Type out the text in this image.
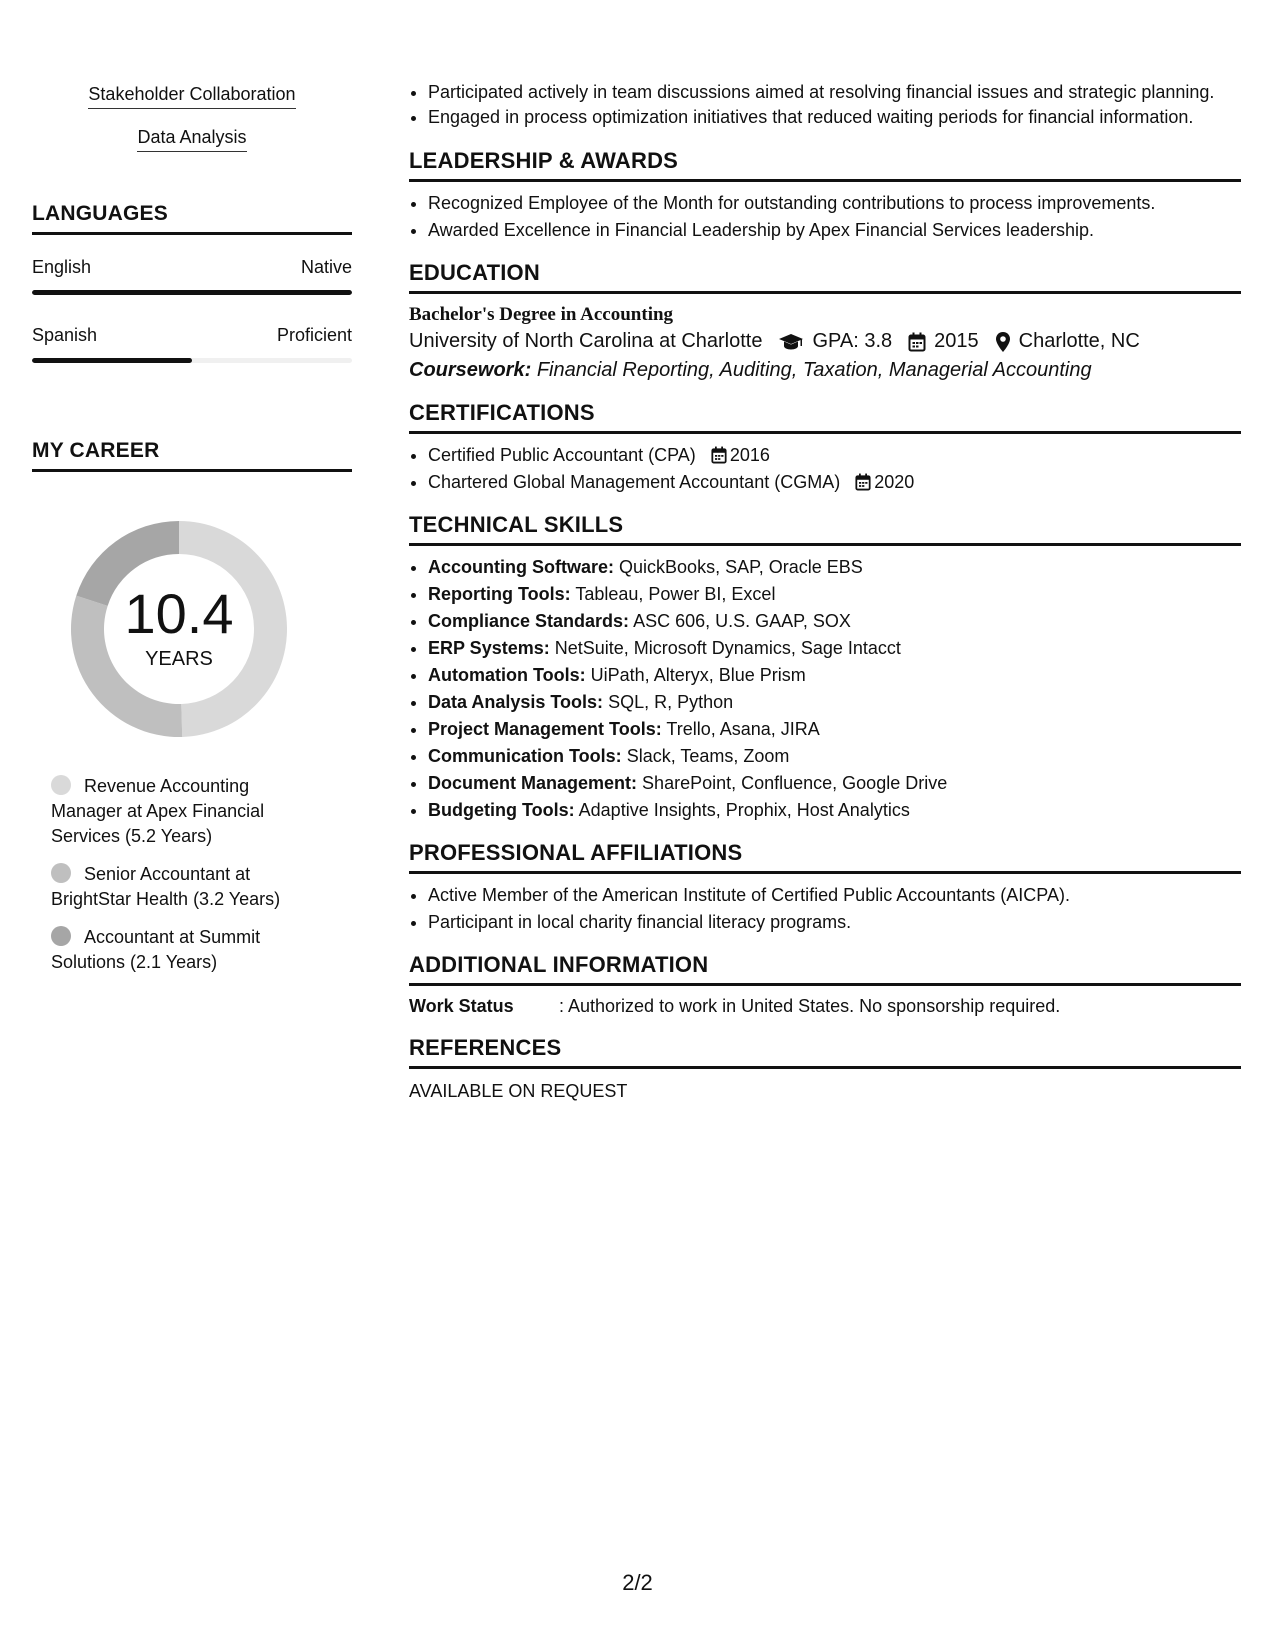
Stakeholder Collaboration
Data Analysis
LANGUAGES
English	Native
Spanish	Proficient
MY CAREER
10.4
YEARS
Revenue Accounting Manager at Apex Financial Services (5.2 Years)
Senior Accountant at BrightStar Health (3.2 Years)
Accountant at Summit Solutions (2.1 Years)
• Participated actively in team discussions aimed at resolving financial issues and strategic planning.
• Engaged in process optimization initiatives that reduced waiting periods for financial information.
LEADERSHIP & AWARDS
• Recognized Employee of the Month for outstanding contributions to process improvements.
• Awarded Excellence in Financial Leadership by Apex Financial Services leadership.
EDUCATION
Bachelor's Degree in Accounting
University of North Carolina at Charlotte	GPA: 3.8 2015 Charlotte, NC
Coursework: Financial Reporting, Auditing, Taxation, Managerial Accounting
CERTIFICATIONS
• Certified Public Accountant (CPA) 2016
• Chartered Global Management Accountant (CGMA) 2020
TECHNICAL SKILLS
• Accounting Software: QuickBooks, SAP, Oracle EBS
• Reporting Tools: Tableau, Power BI, Excel
• Compliance Standards: ASC 606, U.S. GAAP, SOX
• ERP Systems: NetSuite, Microsoft Dynamics, Sage Intacct
• Automation Tools: UiPath, Alteryx, Blue Prism
• Data Analysis Tools: SQL, R, Python
• Project Management Tools: Trello, Asana, JIRA
• Communication Tools: Slack, Teams, Zoom
• Document Management: SharePoint, Confluence, Google Drive
• Budgeting Tools: Adaptive Insights, Prophix, Host Analytics
PROFESSIONAL AFFILIATIONS
• Active Member of the American Institute of Certified Public Accountants (AICPA).
• Participant in local charity financial literacy programs.
ADDITIONAL INFORMATION
Work Status	: Authorized to work in United States. No sponsorship required.
REFERENCES
AVAILABLE ON REQUEST
2/2
